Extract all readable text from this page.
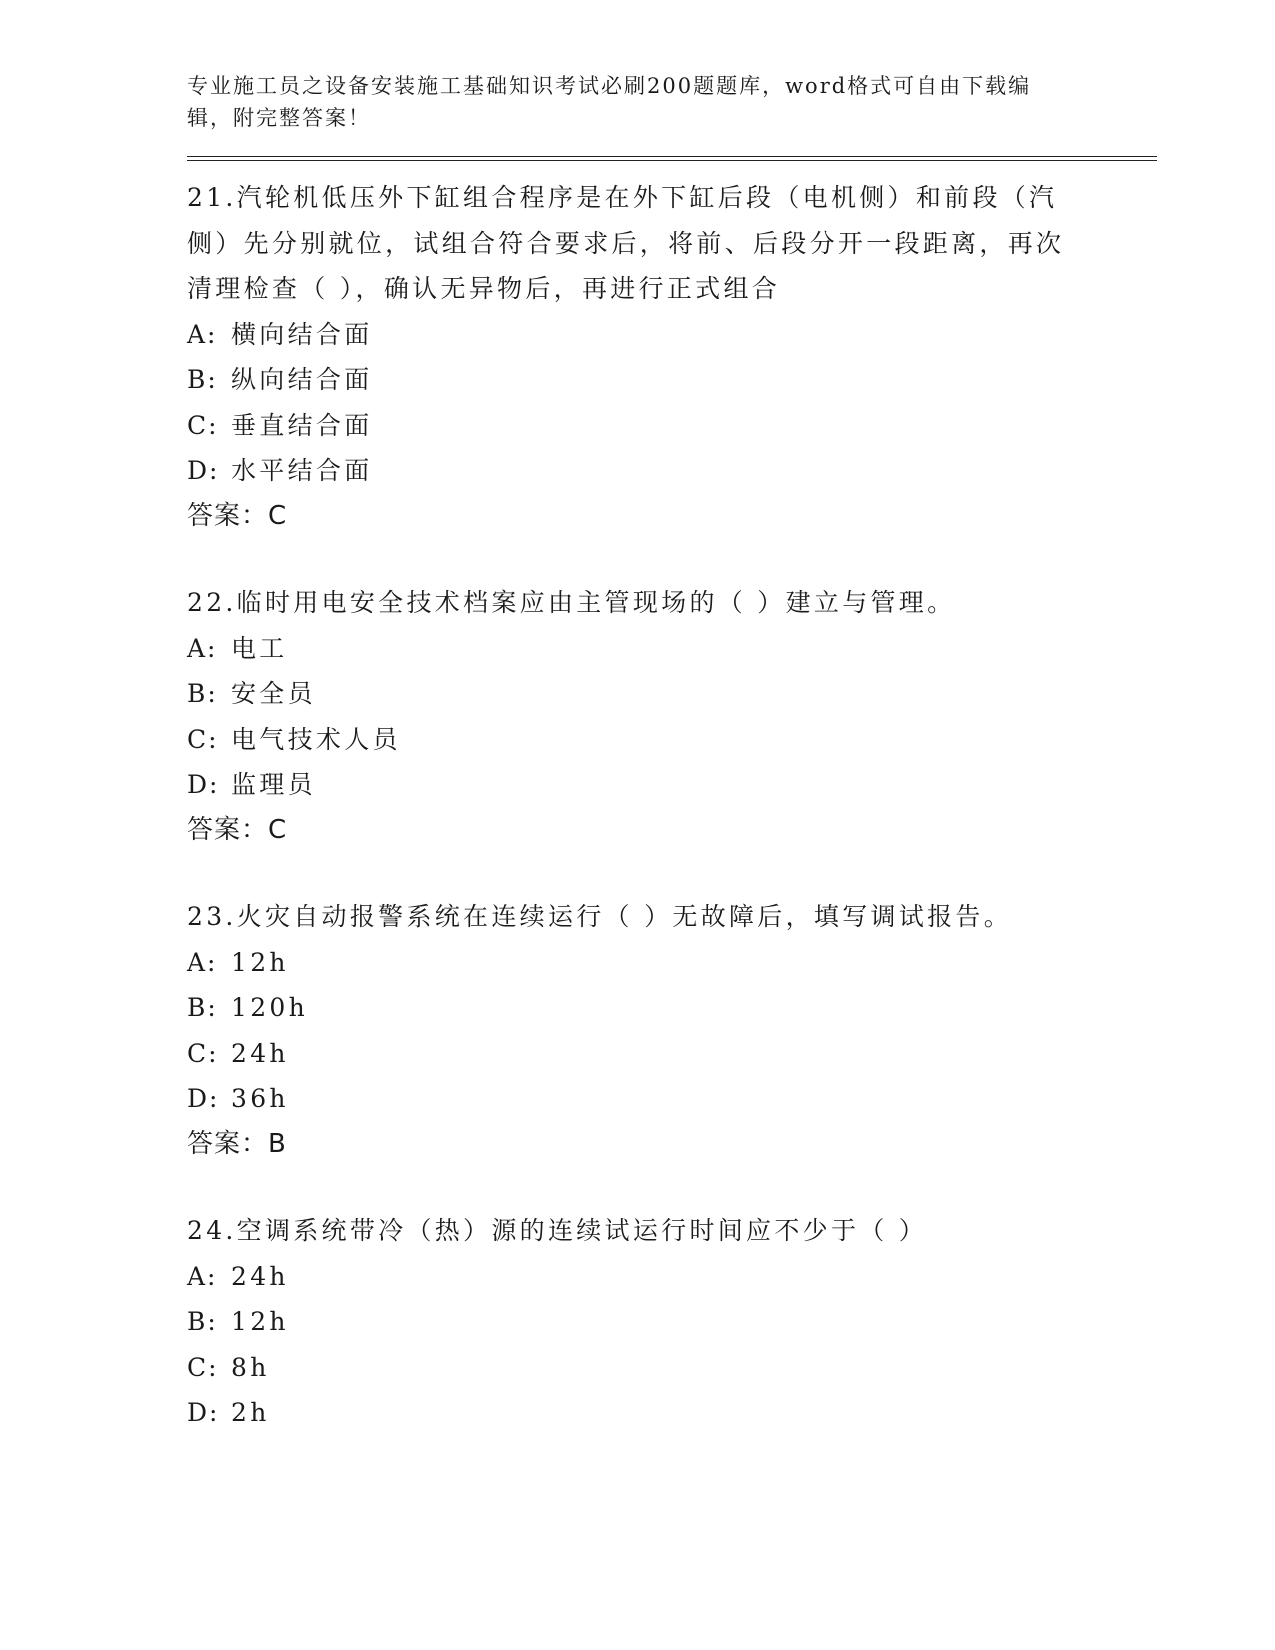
专业施工员之设备安装施工基础知识考试必刷200题题库，word格式可自由下载编辑，附完整答案！
21.汽轮机低压外下缸组合程序是在外下缸后段（电机侧）和前段（汽侧）先分别就位，试组合符合要求后，将前、后段分开一段距离，再次清理检查（ ），确认无异物后，再进行正式组合
A: 横向结合面
B: 纵向结合面
C: 垂直结合面
D: 水平结合面
答案：C
22.临时用电安全技术档案应由主管现场的（ ）建立与管理。
A: 电工
B: 安全员
C: 电气技术人员
D: 监理员
答案：C
23.火灾自动报警系统在连续运行（ ）无故障后，填写调试报告。
A: 12h
B: 120h
C: 24h
D: 36h
答案：B
24.空调系统带冷（热）源的连续试运行时间应不少于（ ）
A: 24h
B: 12h
C: 8h
D: 2h
